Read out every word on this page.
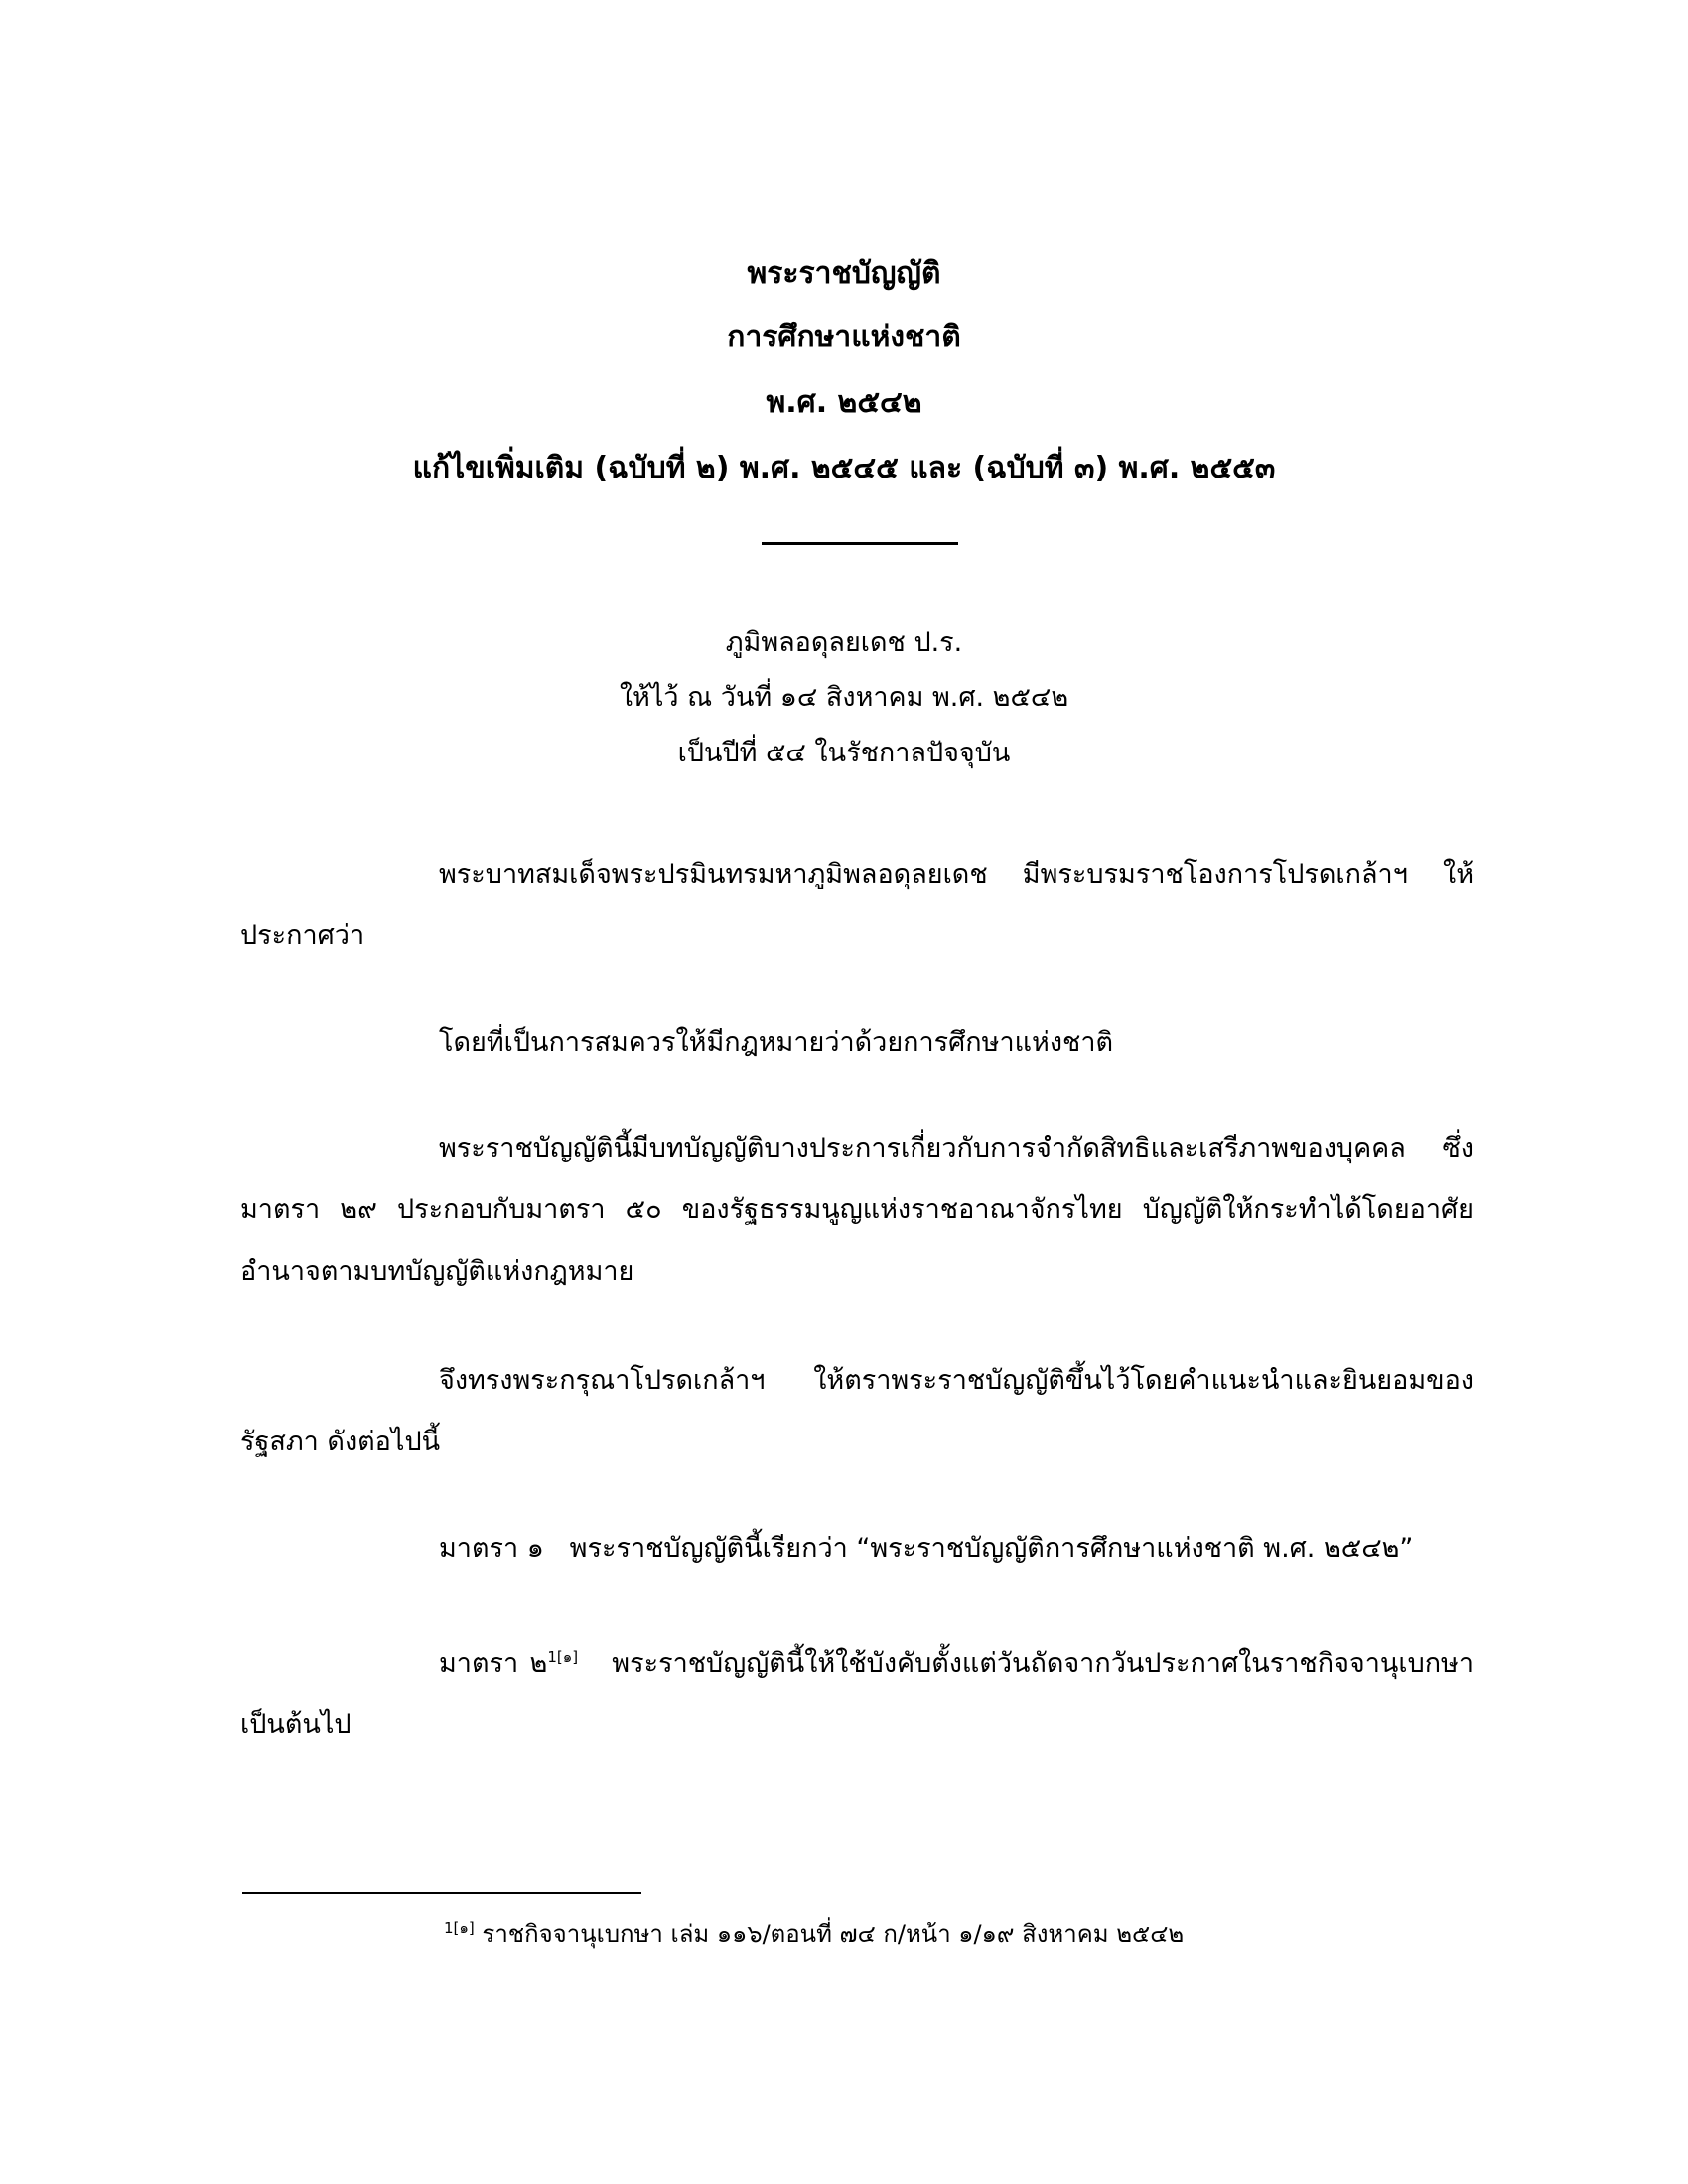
พระราชบัญญัติ
การศึกษาแห่งชาติ
พ.ศ. ๒๕๔๒
แก้ไขเพิ่มเติม (ฉบับที่ ๒) พ.ศ. ๒๕๔๕ และ (ฉบับที่ ๓) พ.ศ. ๒๕๕๓
ภูมิพลอดุลยเดช ป.ร.
ให้ไว้ ณ วันที่ ๑๔ สิงหาคม พ.ศ. ๒๕๔๒
เป็นปีที่ ๕๔ ในรัชกาลปัจจุบัน
พระบาทสมเด็จพระปรมินทรมหาภูมิพลอดุลยเดช มีพระบรมราชโองการโปรดเกล้าฯ ให้ประกาศว่า
โดยที่เป็นการสมควรให้มีกฎหมายว่าด้วยการศึกษาแห่งชาติ
พระราชบัญญัตินี้มีบทบัญญัติบางประการเกี่ยวกับการจำกัดสิทธิและเสรีภาพของบุคคล ซึ่งมาตรา ๒๙ ประกอบกับมาตรา ๕๐ ของรัฐธรรมนูญแห่งราชอาณาจักรไทย บัญญัติให้กระทำได้โดยอาศัยอำนาจตามบทบัญญัติแห่งกฎหมาย
จึงทรงพระกรุณาโปรดเกล้าฯ ให้ตราพระราชบัญญัติขึ้นไว้โดยคำแนะนำและยินยอมของรัฐสภา ดังต่อไปนี้
มาตรา ๑ พระราชบัญญัตินี้เรียกว่า “พระราชบัญญัติการศึกษาแห่งชาติ พ.ศ. ๒๕๔๒”
มาตรา ๒$^{1[๑]}$ พระราชบัญญัตินี้ให้ใช้บังคับตั้งแต่วันถัดจากวันประกาศในราชกิจจานุเบกษาเป็นต้นไป
$^{1[๑]}$ ราชกิจจานุเบกษา เล่ม ๑๑๖/ตอนที่ ๗๔ ก/หน้า ๑/๑๙ สิงหาคม ๒๕๔๒
